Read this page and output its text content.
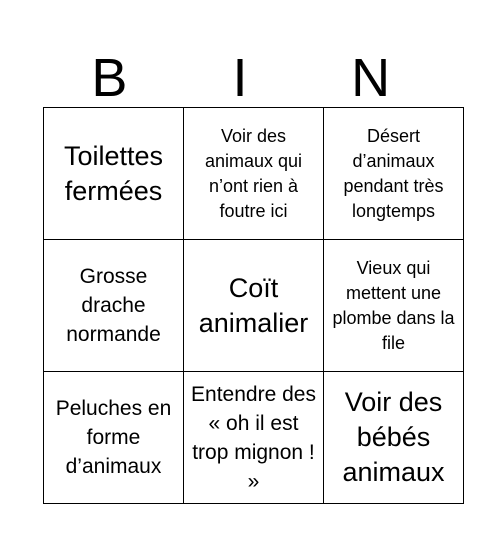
B	I	N
Toilettes fermées	Voir des animaux qui n’ont rien à foutre ici	Désert d’animaux pendant très longtemps
Grosse drache normande	Coït animalier	Vieux qui mettent une plombe dans la file
Peluches en forme d’animaux	Entendre des « oh il est trop mignon ! »	Voir des bébés animaux
